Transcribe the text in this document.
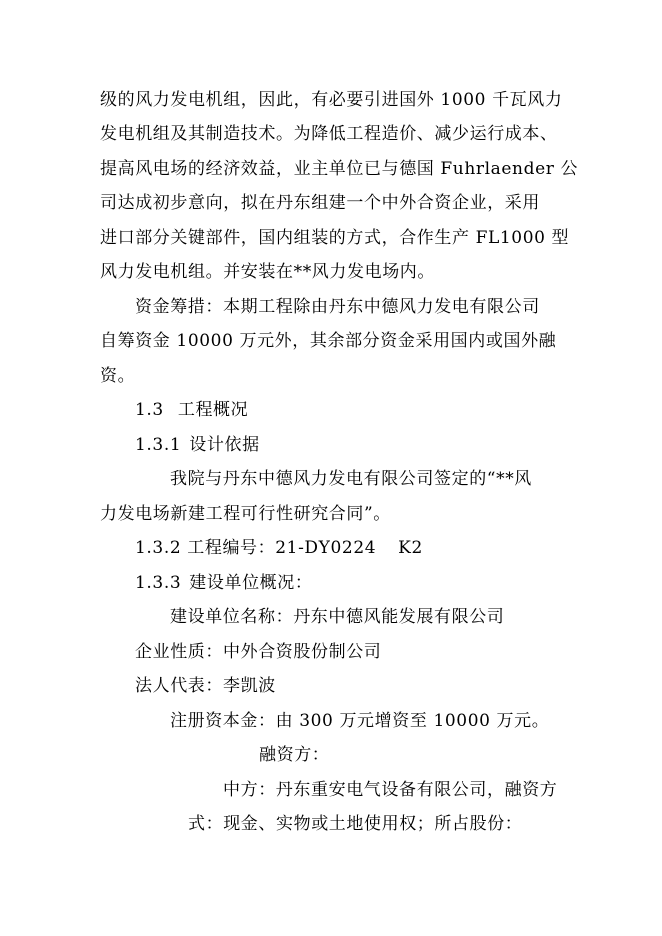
级的风力发电机组，因此，有必要引进国外 1000 千瓦风力
发电机组及其制造技术。为降低工程造价、减少运行成本、
提高风电场的经济效益，业主单位已与德国 Fuhrlaender 公
司达成初步意向，拟在丹东组建一个中外合资企业，采用
进口部分关键部件，国内组装的方式，合作生产 FL1000 型
风力发电机组。并安装在**风力发电场内。
资金筹措：本期工程除由丹东中德风力发电有限公司
自筹资金 10000 万元外，其余部分资金采用国内或国外融
资。
1.3 工程概况
1.3.1 设计依据
我院与丹东中德风力发电有限公司签定的“**风
力发电场新建工程可行性研究合同”。
1.3.2 工程编号：21-DY0224 K2
1.3.3 建设单位概况：
建设单位名称：丹东中德风能发展有限公司
企业性质：中外合资股份制公司
法人代表：李凯波
注册资本金：由 300 万元增资至 10000 万元。
融资方：
中方：丹东重安电气设备有限公司，融资方
式：现金、实物或土地使用权；所占股份：
